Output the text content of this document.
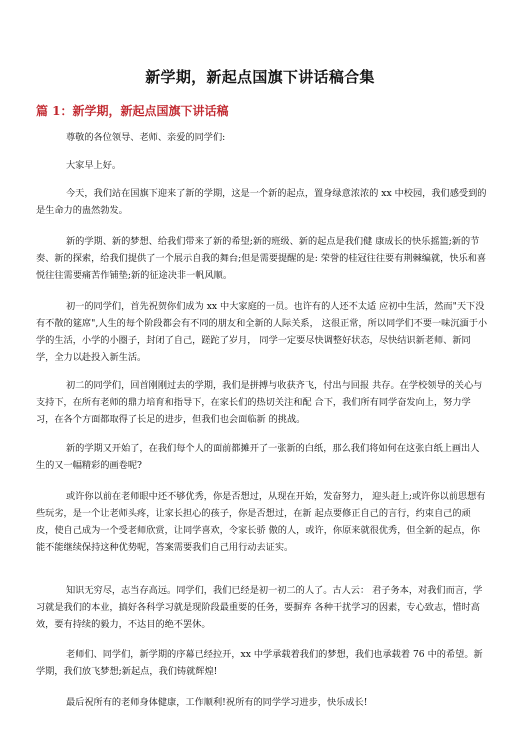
新学期，新起点国旗下讲话稿合集
篇 1：新学期，新起点国旗下讲话稿
尊敬的各位领导、老师、亲爱的同学们:
大家早上好。
今天，我们站在国旗下迎来了新的学期，这是一个新的起点，置身绿意浓浓的 xx 中校园，我们感受到的是生命力的蛊然勃发。
新的学期、新的梦想、给我们带来了新的希望;新的班级、新的起点是我们健 康成长的快乐摇篮;新的节奏、新的探索，给我们提供了一个展示自我的舞台;但是需要提醒的是: 荣誉的桂冠往往要有荆棘编就，快乐和喜悦往往需要痛苦作铺垫;新的征途决非一帆风顺。
初一的同学们，首先祝贺你们成为 xx 中大家庭的一员。也许有的人还不太适 应初中生活，然而"天下没有不散的筵席",人生的每个阶段都会有不同的朋友和全新的人际关系， 这很正常，所以同学们不要一味沉湎于小学的生活，小学的小圈子，封闭了自己，蹉跎了岁月， 同学一定要尽快调整好状态，尽快结识新老师、新同学，全力以赴投入新生活。
初二的同学们，回首刚刚过去的学期，我们是拼搏与收获齐飞，付出与回报 共存。在学校领导的关心与支持下，在所有老师的鼎力培育和指导下，在家长们的热切关注和配 合下，我们所有同学奋发向上，努力学习，在各个方面都取得了长足的进步，但我们也会面临新 的挑战。
新的学期又开始了，在我们每个人的面前都摊开了一张新的白纸，那么我们将如何在这张白纸上画出人生的又一幅精彩的画卷呢?
或许你以前在老师眼中还不够优秀，你是否想过，从现在开始，发奋努力， 迎头赶上;或许你以前思想有些玩劣，是一个让老师头疼，让家长担心的孩子，你是否想过，在新 起点要修正自己的言行，约束自己的顽皮，使自己成为一个受老师欣赏，让同学喜欢，令家长骄 傲的人，或许，你原来就很优秀，但全新的起点，你能不能继续保持这种优势呢，答案需要我们自己用行动去证实。
知识无穷尽，志当存高远。同学们，我们已经是初一初二的人了。古人云： 君子务本，对我们而言，学习就是我们的本业，搞好各科学习就是现阶段最重要的任务，要摒弃 各种干扰学习的因素，专心致志，惜时高效，要有持续的毅力，不达目的绝不罢休。
老师们、同学们，新学期的序幕已经拉开，xx 中学承载着我们的梦想，我们也承载着 76 中的希望。新学期，我们放飞梦想;新起点，我们铸就辉煌!
最后祝所有的老师身体健康，工作顺利!祝所有的同学学习进步，快乐成长!
